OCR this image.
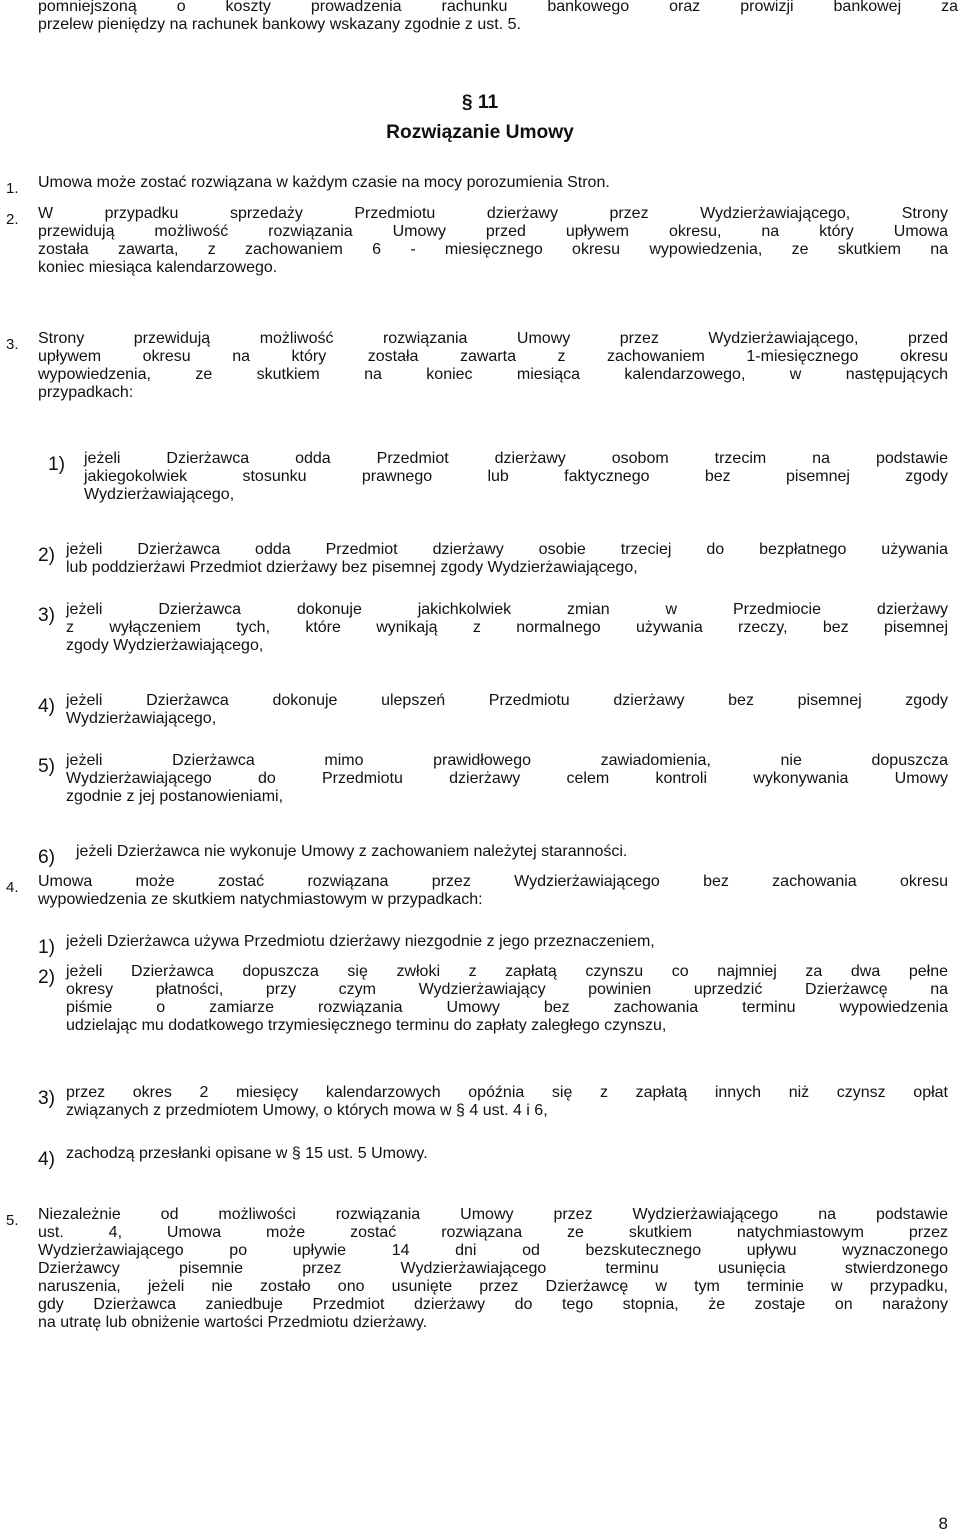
pomniejszoną o koszty prowadzenia rachunku bankowego oraz prowizji bankowej za
przelew pieniędzy na rachunek bankowy wskazany zgodnie z ust. 5.
§ 11
Rozwiązanie Umowy
1. Umowa może zostać rozwiązana w każdym czasie na mocy porozumienia Stron.
2. W przypadku sprzedaży Przedmiotu dzierżawy przez Wydzierżawiającego, Strony
przewidują możliwość rozwiązania Umowy przed upływem okresu, na który Umowa
została zawarta, z zachowaniem 6 - miesięcznego okresu wypowiedzenia, ze skutkiem na
koniec miesiąca kalendarzowego.
3. Strony przewidują możliwość rozwiązania Umowy przez Wydzierżawiającego, przed
upływem okresu na który została zawarta z zachowaniem 1-miesięcznego okresu
wypowiedzenia, ze skutkiem na koniec miesiąca kalendarzowego, w następujących
przypadkach:
1) jeżeli Dzierżawca odda Przedmiot dzierżawy osobom trzecim na podstawie
jakiegokolwiek stosunku prawnego lub faktycznego bez pisemnej zgody
Wydzierżawiającego,
2) jeżeli Dzierżawca odda Przedmiot dzierżawy osobie trzeciej do bezpłatnego używania
lub poddzierżawi Przedmiot dzierżawy bez pisemnej zgody Wydzierżawiającego,
3) jeżeli Dzierżawca dokonuje jakichkolwiek zmian w Przedmiocie dzierżawy
z wyłączeniem tych, które wynikają z normalnego używania rzeczy, bez pisemnej
zgody Wydzierżawiającego,
4) jeżeli Dzierżawca dokonuje ulepszeń Przedmiotu dzierżawy bez pisemnej zgody
Wydzierżawiającego,
5) jeżeli Dzierżawca mimo prawidłowego zawiadomienia, nie dopuszcza
Wydzierżawiającego do Przedmiotu dzierżawy celem kontroli wykonywania Umowy
zgodnie z jej postanowieniami,
6) jeżeli Dzierżawca nie wykonuje Umowy z zachowaniem należytej staranności.
4. Umowa może zostać rozwiązana przez Wydzierżawiającego bez zachowania okresu
wypowiedzenia ze skutkiem natychmiastowym w przypadkach:
1) jeżeli Dzierżawca używa Przedmiotu dzierżawy niezgodnie z jego przeznaczeniem,
2) jeżeli Dzierżawca dopuszcza się zwłoki z zapłatą czynszu co najmniej za dwa pełne
okresy płatności, przy czym Wydzierżawiający powinien uprzedzić Dzierżawcę na
piśmie o zamiarze rozwiązania Umowy bez zachowania terminu wypowiedzenia
udzielając mu dodatkowego trzymiesięcznego terminu do zapłaty zaległego czynszu,
3) przez okres 2 miesięcy kalendarzowych opóźnia się z zapłatą innych niż czynsz opłat
związanych z przedmiotem Umowy, o których mowa w § 4 ust. 4 i 6,
4) zachodzą przesłanki opisane w § 15 ust. 5 Umowy.
5. Niezależnie od możliwości rozwiązania Umowy przez Wydzierżawiającego na podstawie
ust. 4, Umowa może zostać rozwiązana ze skutkiem natychmiastowym przez
Wydzierżawiającego po upływie 14 dni od bezskutecznego upływu wyznaczonego
Dzierżawcy pisemnie przez Wydzierżawiającego terminu usunięcia stwierdzonego
naruszenia, jeżeli nie zostało ono usunięte przez Dzierżawcę w tym terminie w przypadku,
gdy Dzierżawca zaniedbuje Przedmiot dzierżawy do tego stopnia, że zostaje on narażony
na utratę lub obniżenie wartości Przedmiotu dzierżawy.
8
